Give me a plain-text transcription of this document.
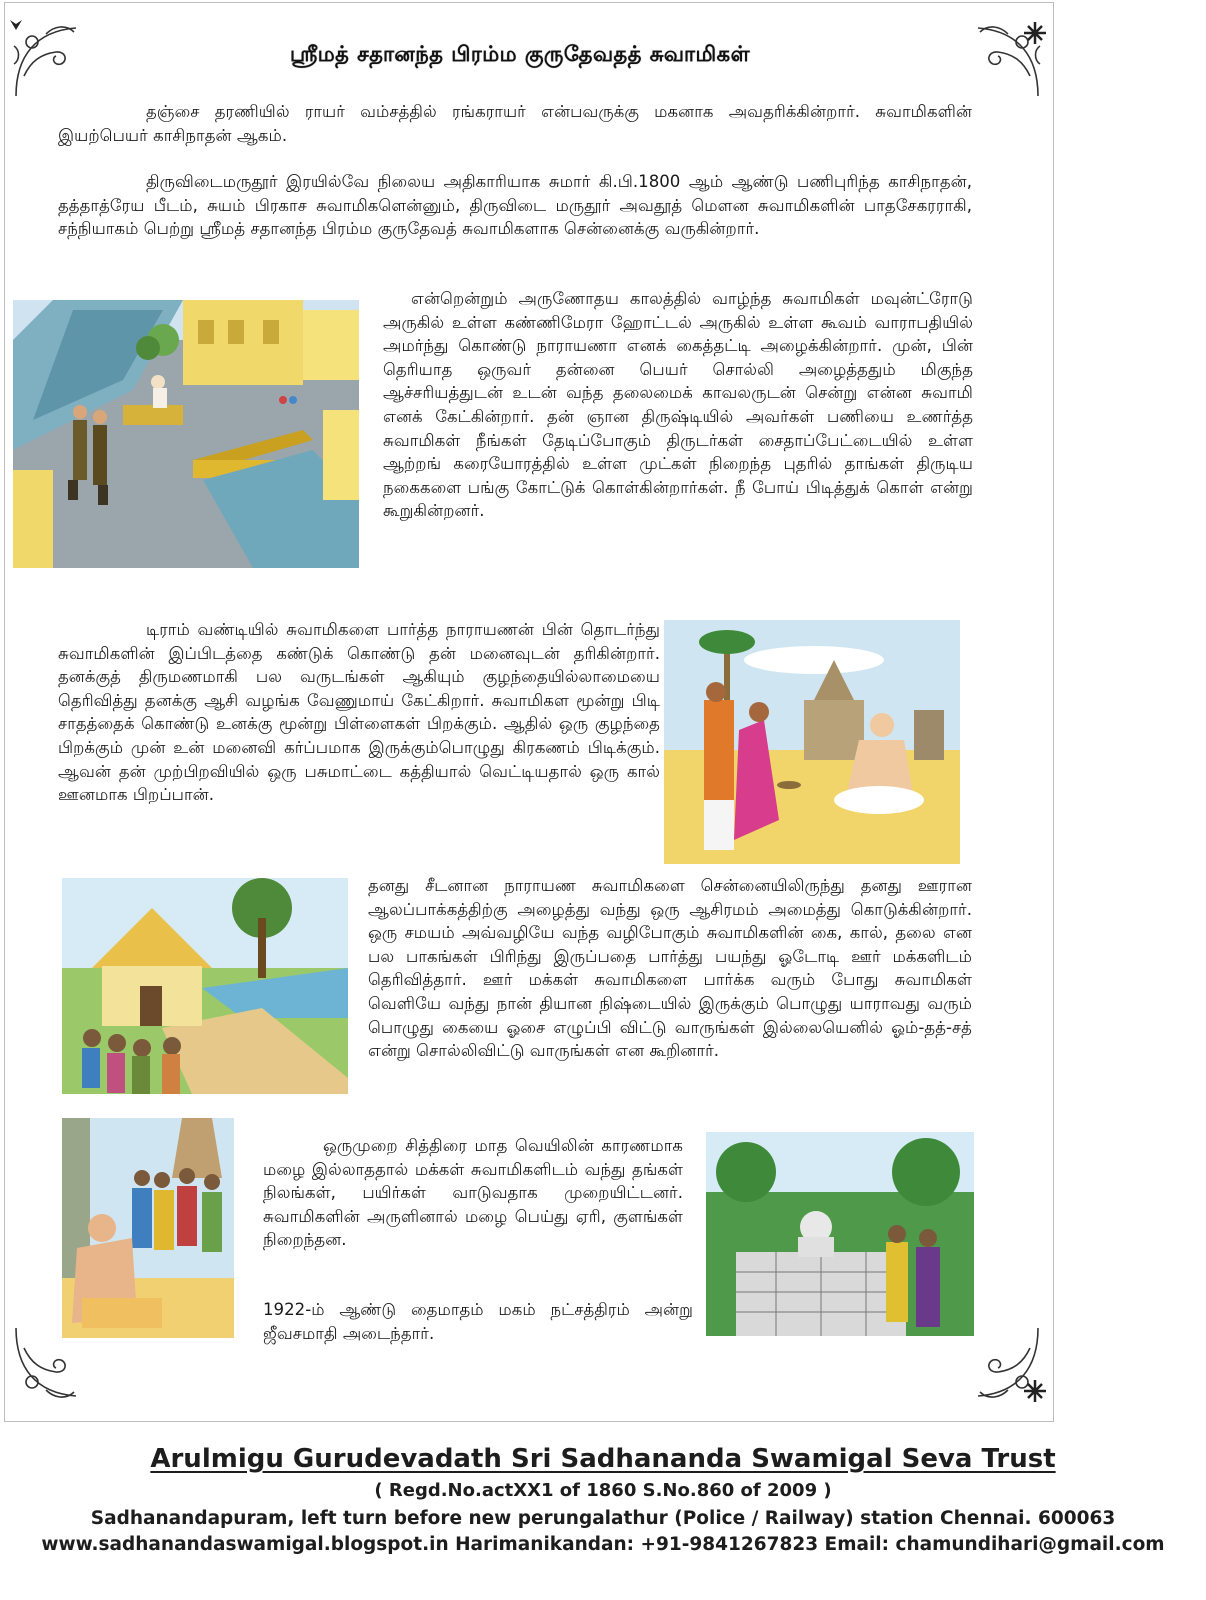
ஸ்ரீமத் சதானந்த பிரம்ம குருதேவதத் சுவாமிகள்

தஞ்சை தரணியில் ராயர் வம்சத்தில் ரங்கராயர் என்பவருக்கு மகனாக அவதரிக்கின்றார். சுவாமிகளின் இயற்பெயர் காசிநாதன் ஆகம்.

திருவிடைமருதூர் இரயில்வே நிலைய அதிகாரியாக சுமார் கி.பி.1800 ஆம் ஆண்டு பணிபுரிந்த காசிநாதன், தத்தாத்ரேய பீடம், சுயம் பிரகாச சுவாமிகளென்னும், திருவிடை மருதூர் அவதூத் மௌன சுவாமிகளின் பாதசேகரராகி, சந்நியாகம் பெற்று ஸ்ரீமத் சதானந்த பிரம்ம குருதேவத் சுவாமிகளாக சென்னைக்கு வருகின்றார்.

என்றென்றும் அருணோதய காலத்தில் வாழ்ந்த சுவாமிகள் மவுன்ட்ரோடு அருகில் உள்ள கண்ணிமேரா ஹோட்டல் அருகில் உள்ள கூவம் வாராபதியில் அமர்ந்து கொண்டு நாராயணா எனக் கைத்தட்டி அழைக்கின்றார். முன், பின் தெரியாத ஒருவர் தன்னை பெயர் சொல்லி அழைத்ததும் மிகுந்த ஆச்சரியத்துடன் உடன் வந்த தலைமைக் காவலருடன் சென்று என்ன சுவாமி எனக் கேட்கின்றார். தன் ஞான திருஷ்டியில் அவர்கள் பணியை உணர்த்த சுவாமிகள் நீங்கள் தேடிப்போகும் திருடர்கள் சைதாப்பேட்டையில் உள்ள ஆற்றங் கரையோரத்தில் உள்ள முட்கள் நிறைந்த புதரில் தாங்கள் திருடிய நகைகளை பங்கு கோட்டுக் கொள்கின்றார்கள். நீ போய் பிடித்துக் கொள் என்று கூறுகின்றனர்.

டிராம் வண்டியில் சுவாமிகளை பார்த்த நாராயணன் பின் தொடர்ந்து சுவாமிகளின் இப்பிடத்தை கண்டுக் கொண்டு தன் மனைவுடன் தரிகின்றார். தனக்குத் திருமணமாகி பல வருடங்கள் ஆகியும் குழந்தையில்லாமையை தெரிவித்து தனக்கு ஆசி வழங்க வேணுமாய் கேட்கிறார். சுவாமிகள மூன்று பிடி சாதத்தைக் கொண்டு உனக்கு மூன்று பிள்ளைகள் பிறக்கும். ஆதில் ஒரு குழந்தை பிறக்கும் முன் உன் மனைவி கர்ப்பமாக இருக்கும்பொழுது கிரகணம் பிடிக்கும். ஆவன் தன் முற்பிறவியில் ஒரு பசுமாட்டை கத்தியால் வெட்டியதால் ஒரு கால் ஊனமாக பிறப்பான்.

தனது சீடனான நாராயண சுவாமிகளை சென்னையிலிருந்து தனது ஊரான ஆலப்பாக்கத்திற்கு அழைத்து வந்து ஒரு ஆசிரமம் அமைத்து கொடுக்கின்றார். ஒரு சமயம் அவ்வழியே வந்த வழிபோகும் சுவாமிகளின் கை, கால், தலை என பல பாகங்கள் பிரிந்து இருப்பதை பார்த்து பயந்து ஓடோடி ஊர் மக்களிடம் தெரிவித்தார். ஊர் மக்கள் சுவாமிகளை பார்க்க வரும் போது சுவாமிகள் வெளியே வந்து நான் தியான நிஷ்டையில் இருக்கும் பொழுது யாராவது வரும் பொழுது கையை ஓசை எழுப்பி விட்டு வாருங்கள் இல்லையெனில் ஓம்-தத்-சத் என்று சொல்லிவிட்டு வாருங்கள் என கூறினார்.

ஒருமுறை சித்திரை மாத வெயிலின் காரணமாக மழை இல்லாததால் மக்கள் சுவாமிகளிடம் வந்து தங்கள் நிலங்கள், பயிர்கள் வாடுவதாக முறையிட்டனர். சுவாமிகளின் அருளினால் மழை பெய்து ஏரி, குளங்கள் நிறைந்தன.

1922-ம் ஆண்டு தைமாதம் மகம் நட்சத்திரம் அன்று ஜீவசமாதி அடைந்தார்.

Arulmigu Gurudevadath Sri Sadhananda Swamigal Seva Trust
( Regd.No.actXX1 of 1860 S.No.860 of 2009 )
Sadhanandapuram, left turn before new perungalathur (Police / Railway) station Chennai. 600063
www.sadhanandaswamigal.blogspot.in Harimanikandan: +91-9841267823 Email: chamundihari@gmail.com
